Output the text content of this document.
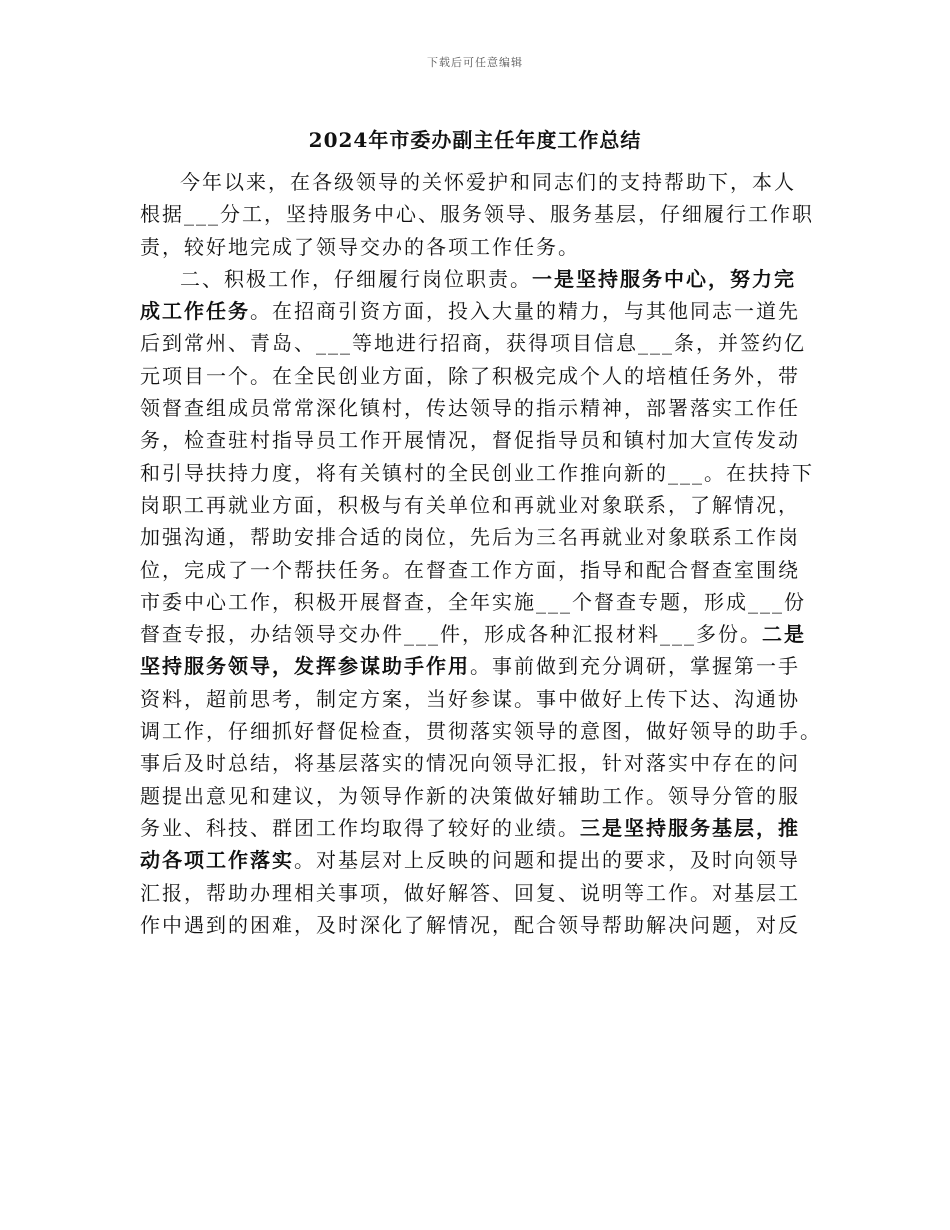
下载后可任意编辑
2024年市委办副主任年度工作总结

今年以来，在各级领导的关怀爱护和同志们的支持帮助下，本人

根据___分工，坚持服务中心、服务领导、服务基层，仔细履行工作职
责，较好地完成了领导交办的各项工作任务。

二、积极工作，仔细履行岗位职责。一是坚持服务中心，努力完

成工作任务。在招商引资方面，投入大量的精力，与其他同志一道先
后到常州、青岛、___等地进行招商，获得项目信息___条，并签约亿
元项目一个。在全民创业方面，除了积极完成个人的培植任务外，带
领督查组成员常常深化镇村，传达领导的指示精神，部署落实工作任
务，检查驻村指导员工作开展情况，督促指导员和镇村加大宣传发动
和引导扶持力度，将有关镇村的全民创业工作推向新的___。在扶持下
岗职工再就业方面，积极与有关单位和再就业对象联系，了解情况，
加强沟通，帮助安排合适的岗位，先后为三名再就业对象联系工作岗
位，完成了一个帮扶任务。在督查工作方面，指导和配合督查室围绕
市委中心工作，积极开展督查，全年实施___个督查专题，形成___份
督查专报，办结领导交办件___件，形成各种汇报材料___多份。二是
坚持服务领导，发挥参谋助手作用。事前做到充分调研，掌握第一手
资料，超前思考，制定方案，当好参谋。事中做好上传下达、沟通协
调工作，仔细抓好督促检查，贯彻落实领导的意图，做好领导的助手。
事后及时总结，将基层落实的情况向领导汇报，针对落实中存在的问
题提出意见和建议，为领导作新的决策做好辅助工作。领导分管的服
务业、科技、群团工作均取得了较好的业绩。三是坚持服务基层，推
动各项工作落实。对基层对上反映的问题和提出的要求，及时向领导
汇报，帮助办理相关事项，做好解答、回复、说明等工作。对基层工
作中遇到的困难，及时深化了解情况，配合领导帮助解决问题，对反
